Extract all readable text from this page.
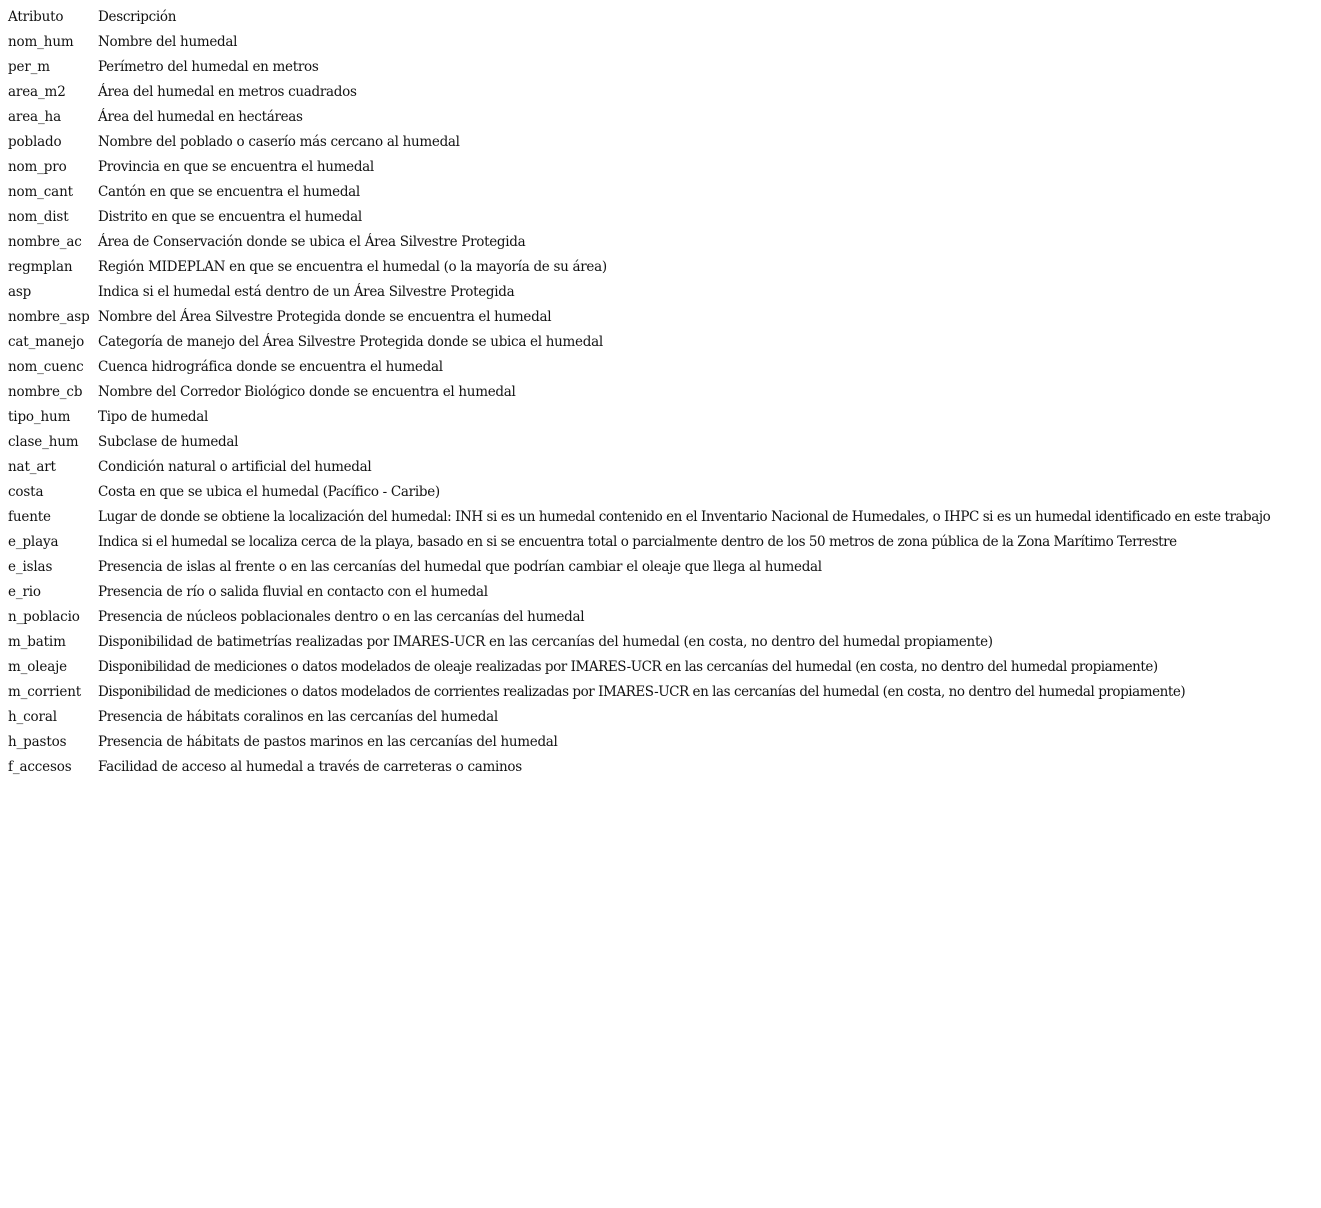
Atributo	Descripción
nom_hum	Nombre del humedal
per_m	Perímetro del humedal en metros
area_m2	Área del humedal en metros cuadrados
area_ha	Área del humedal en hectáreas
poblado	Nombre del poblado o caserío más cercano al humedal
nom_pro	Provincia en que se encuentra el humedal
nom_cant	Cantón en que se encuentra el humedal
nom_dist	Distrito en que se encuentra el humedal
nombre_ac	Área de Conservación donde se ubica el Área Silvestre Protegida
regmplan	Región MIDEPLAN en que se encuentra el humedal (o la mayoría de su área)
asp	Indica si el humedal está dentro de un Área Silvestre Protegida
nombre_asp Nombre del Área Silvestre Protegida donde se encuentra el humedal
cat_manejo	Categoría de manejo del Área Silvestre Protegida donde se ubica el humedal
nom_cuenc	Cuenca hidrográfica donde se encuentra el humedal
nombre_cb	Nombre del Corredor Biológico donde se encuentra el humedal
tipo_hum	Tipo de humedal
clase_hum	Subclase de humedal
nat_art	Condición natural o artificial del humedal
costa	Costa en que se ubica el humedal (Pacífico - Caribe)
fuente	Lugar de donde se obtiene la localización del humedal: INH si es un humedal contenido en el Inventario Nacional de Humedales, o IHPC si es un humedal identificado en este trabajo
e_playa	Indica si el humedal se localiza cerca de la playa, basado en si se encuentra total o parcialmente dentro de los 50 metros de zona pública de la Zona Marítimo Terrestre
e_islas	Presencia de islas al frente o en las cercanías del humedal que podrían cambiar el oleaje que llega al humedal
e_rio	Presencia de río o salida fluvial en contacto con el humedal
n_poblacio	Presencia de núcleos poblacionales dentro o en las cercanías del humedal
m_batim	Disponibilidad de batimetrías realizadas por IMARES-UCR en las cercanías del humedal (en costa, no dentro del humedal propiamente)
m_oleaje	Disponibilidad de mediciones o datos modelados de oleaje realizadas por IMARES-UCR en las cercanías del humedal (en costa, no dentro del humedal propiamente)
m_corrient	Disponibilidad de mediciones o datos modelados de corrientes realizadas por IMARES-UCR en las cercanías del humedal (en costa, no dentro del humedal propiamente)
h_coral	Presencia de hábitats coralinos en las cercanías del humedal
h_pastos	Presencia de hábitats de pastos marinos en las cercanías del humedal
f_accesos	Facilidad de acceso al humedal a través de carreteras o caminos
